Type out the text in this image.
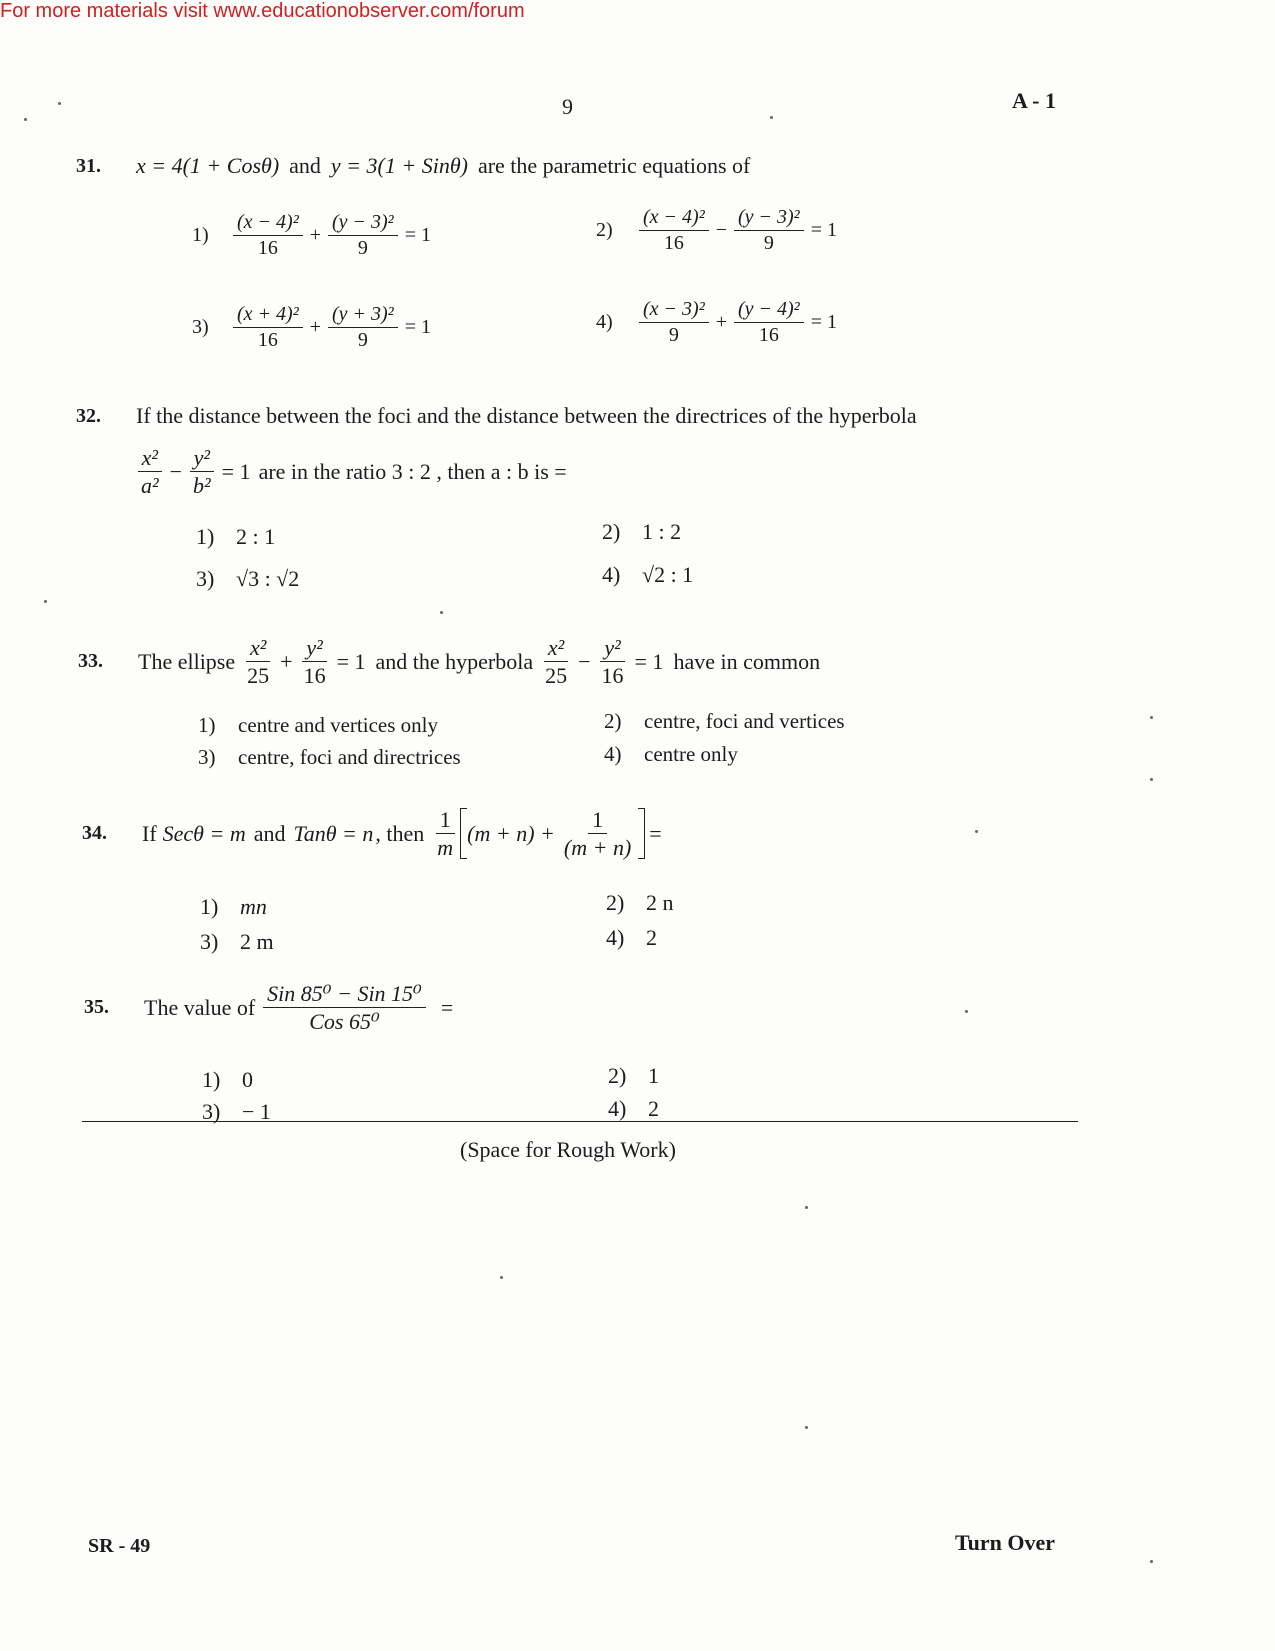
For more materials visit www.educationobserver.com/forum
9	A - 1
31.	x = 4(1 + Cosθ) and y = 3(1 + Sinθ) are the parametric equations of
1)	$\frac{\text{(x − 4)²}}{16} + \frac{\text{(y − 3)²}}{9} = 1$	2)	$\frac{\text{(x − 4)²}}{16} - \frac{\text{(y − 3)²}}{9} = 1$
3)	$\frac{\text{(x + 4)²}}{16} + \frac{\text{(y + 3)²}}{9} = 1$	4)	$\frac{\text{(x − 3)²}}{9} + \frac{\text{(y − 4)²}}{16} = 1$
32.	If the distance between the foci and the distance between the directrices of the hyperbola
$\frac{\text{x²}}{\text{a²}} - \frac{\text{y²}}{\text{b²}} = 1$ are in the ratio 3 : 2 , then a : b is =
1) 2 : 1	2) 1 : 2
3) √3 : √2	4) √2 : 1
33.	The ellipse $\frac{\text{x²}}{25} + \frac{\text{y²}}{16} = 1$ and the hyperbola $\frac{\text{x²}}{25} - \frac{\text{y²}}{16} = 1$ have in common
1)	centre and vertices only	2)	centre, foci and vertices
3)	centre, foci and directrices	4)	centre only
34.	If Secθ = m and Tanθ = n , then $\frac{1}{m} (m + n) + \frac{1}{(m + n)}$ =
1) mn	2) 2 n
3) 2 m	4) 2
35.	The value of $\frac{\text{Sin 85⁰ − Sin 15⁰}}{\text{Cos 65⁰}}$ =
1) 0	2) 1
3) − 1	4) 2
(Space for Rough Work)
SR - 49	Turn Over
